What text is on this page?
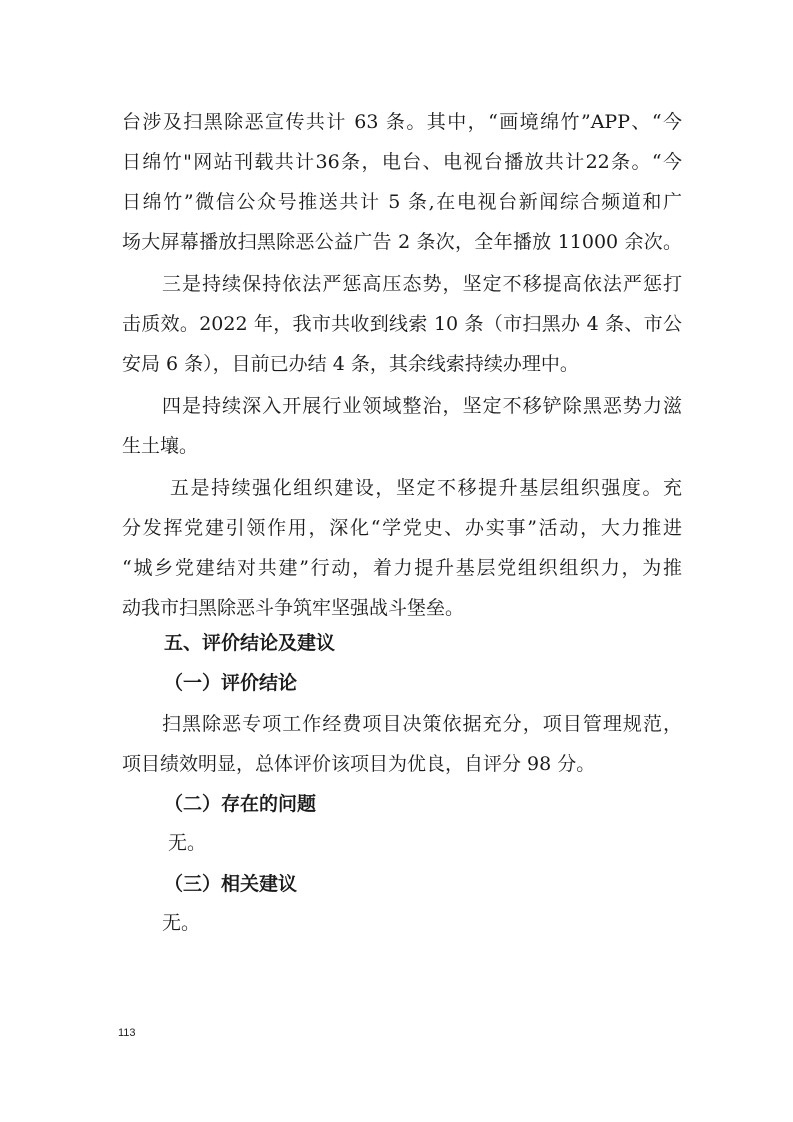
台涉及扫黑除恶宣传共计 63 条。其中，“画境绵竹”APP、“今
日绵竹"网站刊载共计36条，电台、电视台播放共计22条。“今
日绵竹”微信公众号推送共计 5 条,在电视台新闻综合频道和广
场大屏幕播放扫黑除恶公益广告 2 条次，全年播放 11000 余次。
三是持续保持依法严惩高压态势，坚定不移提高依法严惩打
击质效。2022 年，我市共收到线索 10 条（市扫黑办 4 条、市公
安局 6 条），目前已办结 4 条，其余线索持续办理中。
四是持续深入开展行业领域整治，坚定不移铲除黑恶势力滋
生土壤。
五是持续强化组织建设，坚定不移提升基层组织强度。充
分发挥党建引领作用，深化“学党史、办实事”活动，大力推进
“城乡党建结对共建”行动，着力提升基层党组织组织力，为推
动我市扫黑除恶斗争筑牢坚强战斗堡垒。
五、评价结论及建议
（一）评价结论
扫黑除恶专项工作经费项目决策依据充分，项目管理规范，
项目绩效明显，总体评价该项目为优良，自评分 98 分。
（二）存在的问题
无。
（三）相关建议
无。
113
